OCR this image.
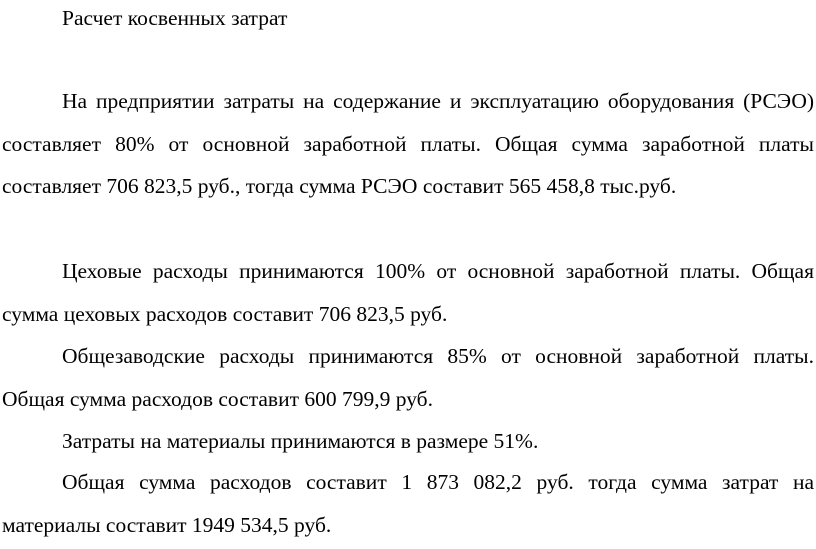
Расчет косвенных затрат

На предприятии затраты на содержание и эксплуатацию оборудования (РСЭО) составляет 80% от основной заработной платы. Общая сумма заработной платы составляет 706 823,5 руб., тогда сумма РСЭО составит 565 458,8 тыс.руб.

Цеховые расходы принимаются 100% от основной заработной платы. Общая сумма цеховых расходов составит 706 823,5 руб.

Общезаводские расходы принимаются 85% от основной заработной платы. Общая сумма расходов составит 600 799,9 руб.

Затраты на материалы принимаются в размере 51%.

Общая сумма расходов составит 1 873 082,2 руб. тогда сумма затрат на материалы составит 1949 534,5 руб.
